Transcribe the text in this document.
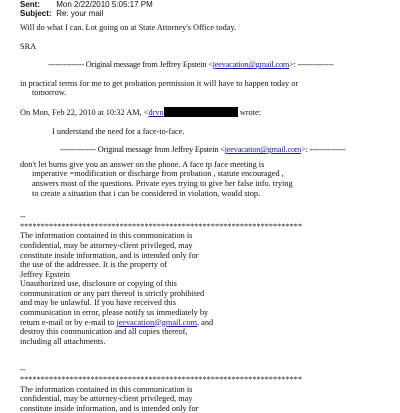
Sent: Mon 2/22/2010 5:05:17 PM
Subject: Re: your mail
Will do what I can. Lot going on at State Attorney's Office today.
SRA
-------------- Original message from Jeffrey Epstein <jeevacation@gmail.com>: --------------
in practical terms for me to get probation permission it will have to happen today or
tomorrow.
On Mon, Feb 22, 2010 at 10:32 AM, <drvn	wrote:
I understand the need for a face-to-face.
-------------- Original message from Jeffrey Epstein <jeevacation@gmail.com>: --------------
don't let burns give you an answer on the phone. A face tp face meeting is
imperative =modification or discharge from probation , statute encouraged ,
answers most of the questions. Private eyes trying to give her false info. trying
to create a situation that i can be considered in violation, would stop.
--
********************************************************************
The information contained in this communication is
confidential, may be attorney-client privileged, may
constitute inside information, and is intended only for
the use of the addressee. It is the property of
Jeffrey Epstein
Unauthorized use, disclosure or copying of this
communication or any part thereof is strictly prohibited
and may be unlawful. If you have received this
communication in error, please notify us immediately by
return e-mail or by e-mail to jeevacation@gmail.com, and
destroy this communication and all copies thereof,
including all attachments.
--
********************************************************************
The information contained in this communication is
confidential, may be attorney-client privileged, may
constitute inside information, and is intended only for
